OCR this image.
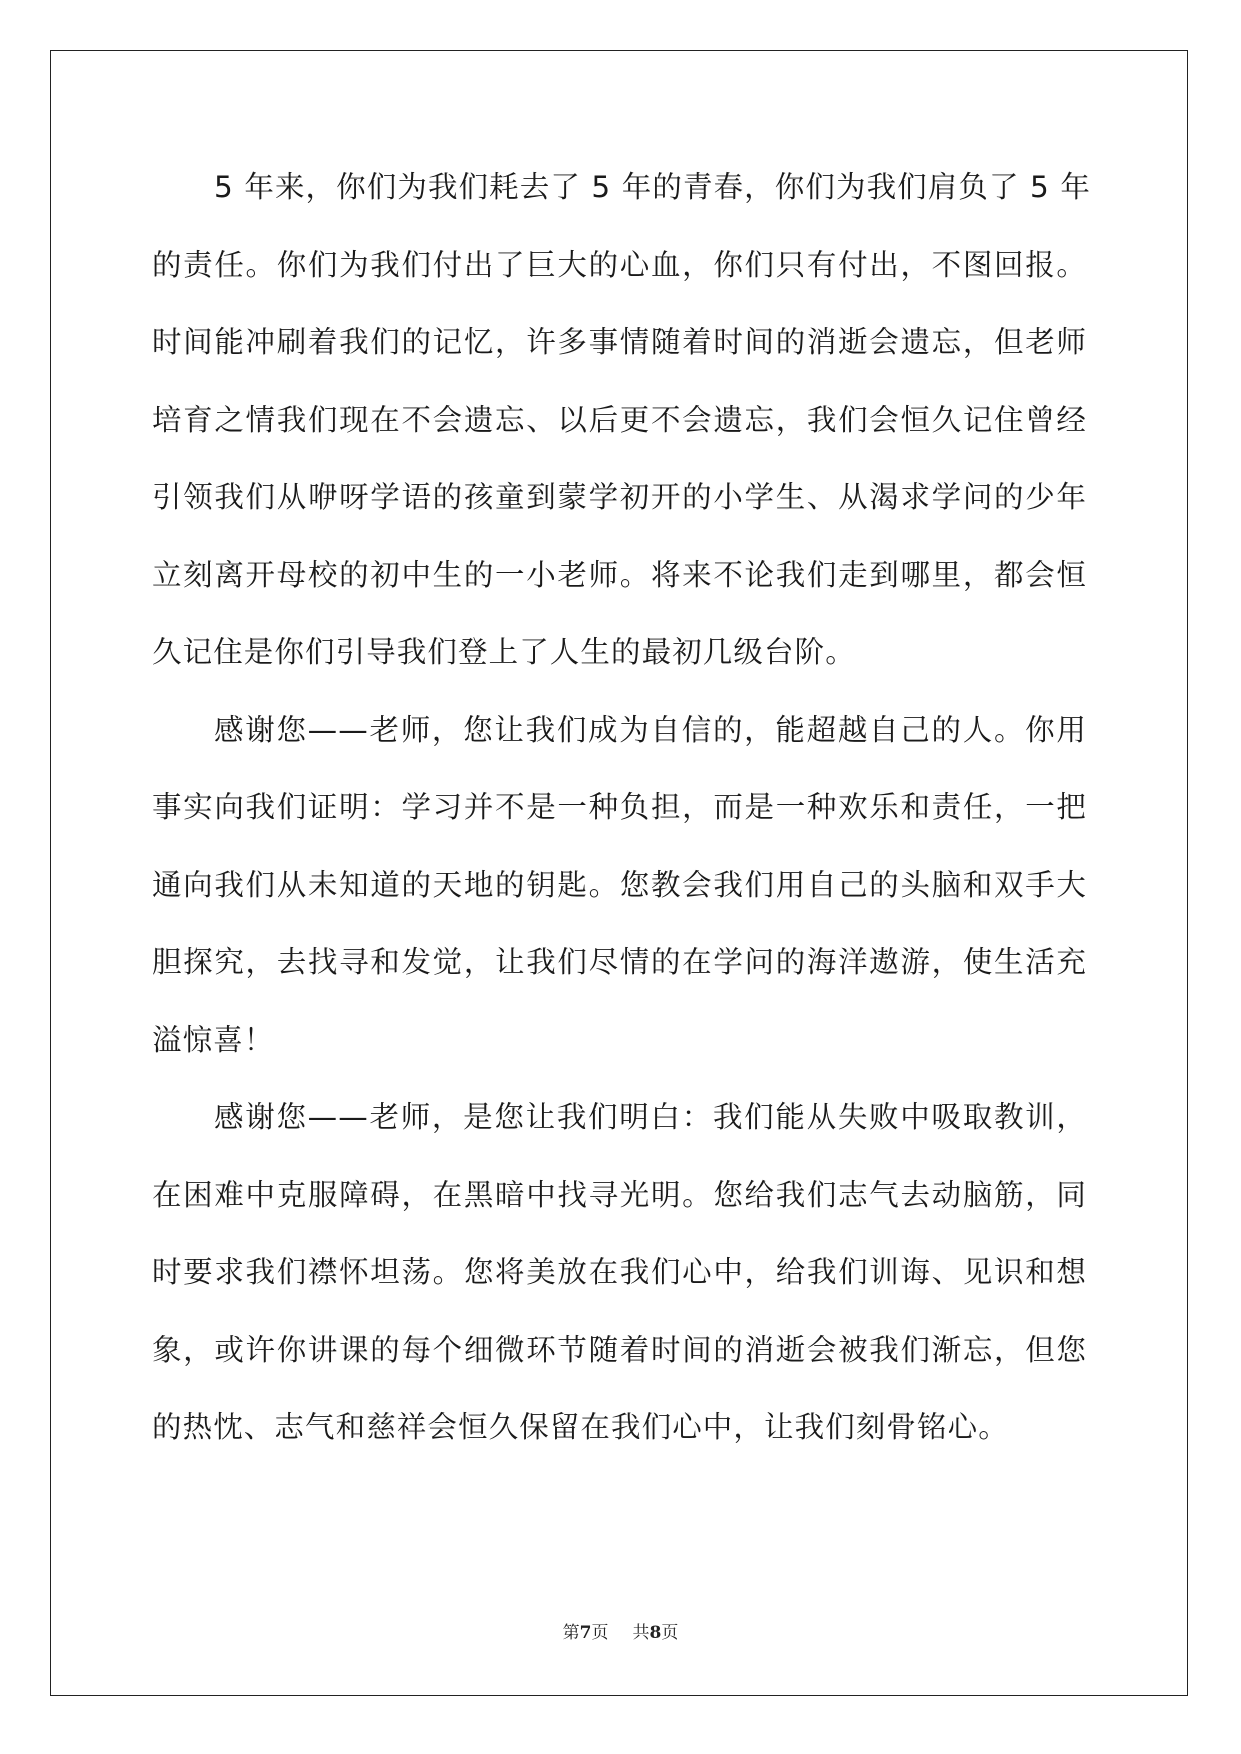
5 年来，你们为我们耗去了 5 年的青春，你们为我们肩负了 5 年
的责任。你们为我们付出了巨大的心血，你们只有付出，不图回报。
时间能冲刷着我们的记忆，许多事情随着时间的消逝会遗忘，但老师
培育之情我们现在不会遗忘、以后更不会遗忘，我们会恒久记住曾经
引领我们从咿呀学语的孩童到蒙学初开的小学生、从渴求学问的少年
立刻离开母校的初中生的一小老师。将来不论我们走到哪里，都会恒
久记住是你们引导我们登上了人生的最初几级台阶。
感谢您——老师，您让我们成为自信的，能超越自己的人。你用
事实向我们证明：学习并不是一种负担，而是一种欢乐和责任，一把
通向我们从未知道的天地的钥匙。您教会我们用自己的头脑和双手大
胆探究，去找寻和发觉，让我们尽情的在学问的海洋遨游，使生活充
溢惊喜！
感谢您——老师，是您让我们明白：我们能从失败中吸取教训，
在困难中克服障碍，在黑暗中找寻光明。您给我们志气去动脑筋，同
时要求我们襟怀坦荡。您将美放在我们心中，给我们训诲、见识和想
象，或许你讲课的每个细微环节随着时间的消逝会被我们渐忘，但您
的热忱、志气和慈祥会恒久保留在我们心中，让我们刻骨铭心。
第7页 共8页
